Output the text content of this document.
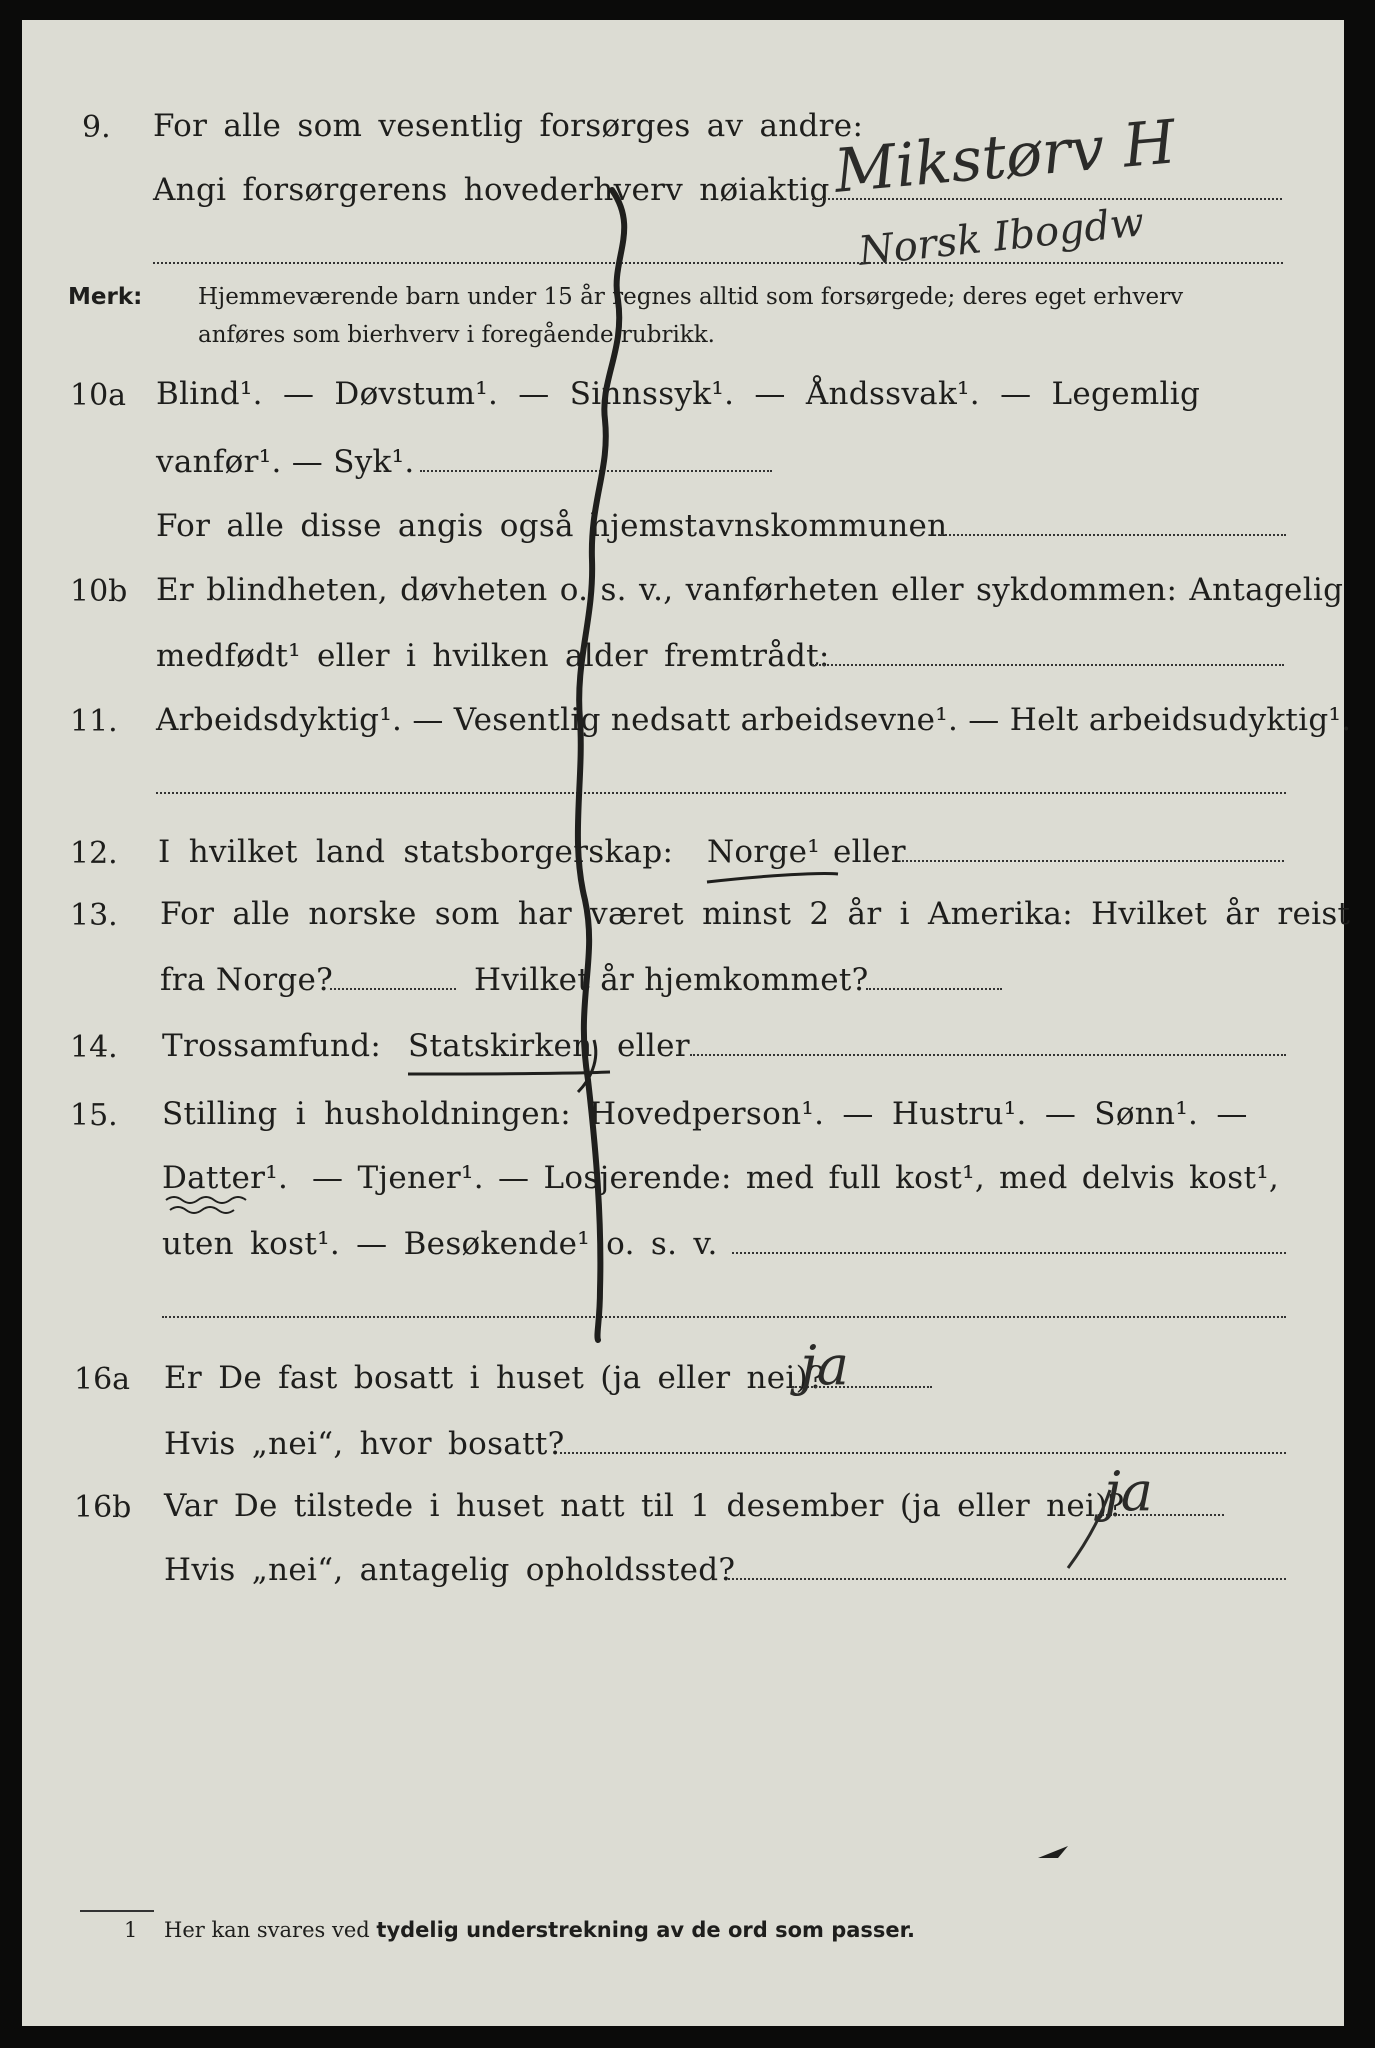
9. For alle som vesentlig forsørges av andre:
Angi forsørgerens hovederhverv nøiaktig Mikstørv H
Norsk Ibogdw
Merk: Hjemmeværende barn under 15 år regnes alltid som forsørgede; deres eget erhverv
anføres som bierhverv i foregående rubrikk.
10a Blind¹. — Døvstum¹. — Sinnssyk¹. — Åndssvak¹. — Legemlig
vanfør¹. — Syk¹.
For alle disse angis også hjemstavnskommunen
10b Er blindheten, døvheten o. s. v., vanførheten eller sykdommen: Antagelig
medfødt¹ eller i hvilken alder fremtrådt:
11. Arbeidsdyktig¹. — Vesentlig nedsatt arbeidsevne¹. — Helt arbeidsudyktig¹.
12. I hvilket land statsborgerskap: Norge¹ eller
13. For alle norske som har været minst 2 år i Amerika: Hvilket år reist
fra Norge?	Hvilket år hjemkommet?
14. Trossamfund: Statskirken eller
15. Stilling i husholdningen: Hovedperson¹. — Hustru¹. — Sønn¹. —
Datter¹. — Tjener¹. — Losjerende: med full kost¹, med delvis kost¹,
uten kost¹. — Besøkende¹ o. s. v.
16a Er De fast bosatt i huset (ja eller nei)?
ja
Hvis „nei“, hvor bosatt?
16b Var De tilstede i huset natt til 1 desember (ja eller nei)?
ja
Hvis „nei“, antagelig opholdssted?
1 Her kan svares ved tydelig understrekning av de ord som passer.
